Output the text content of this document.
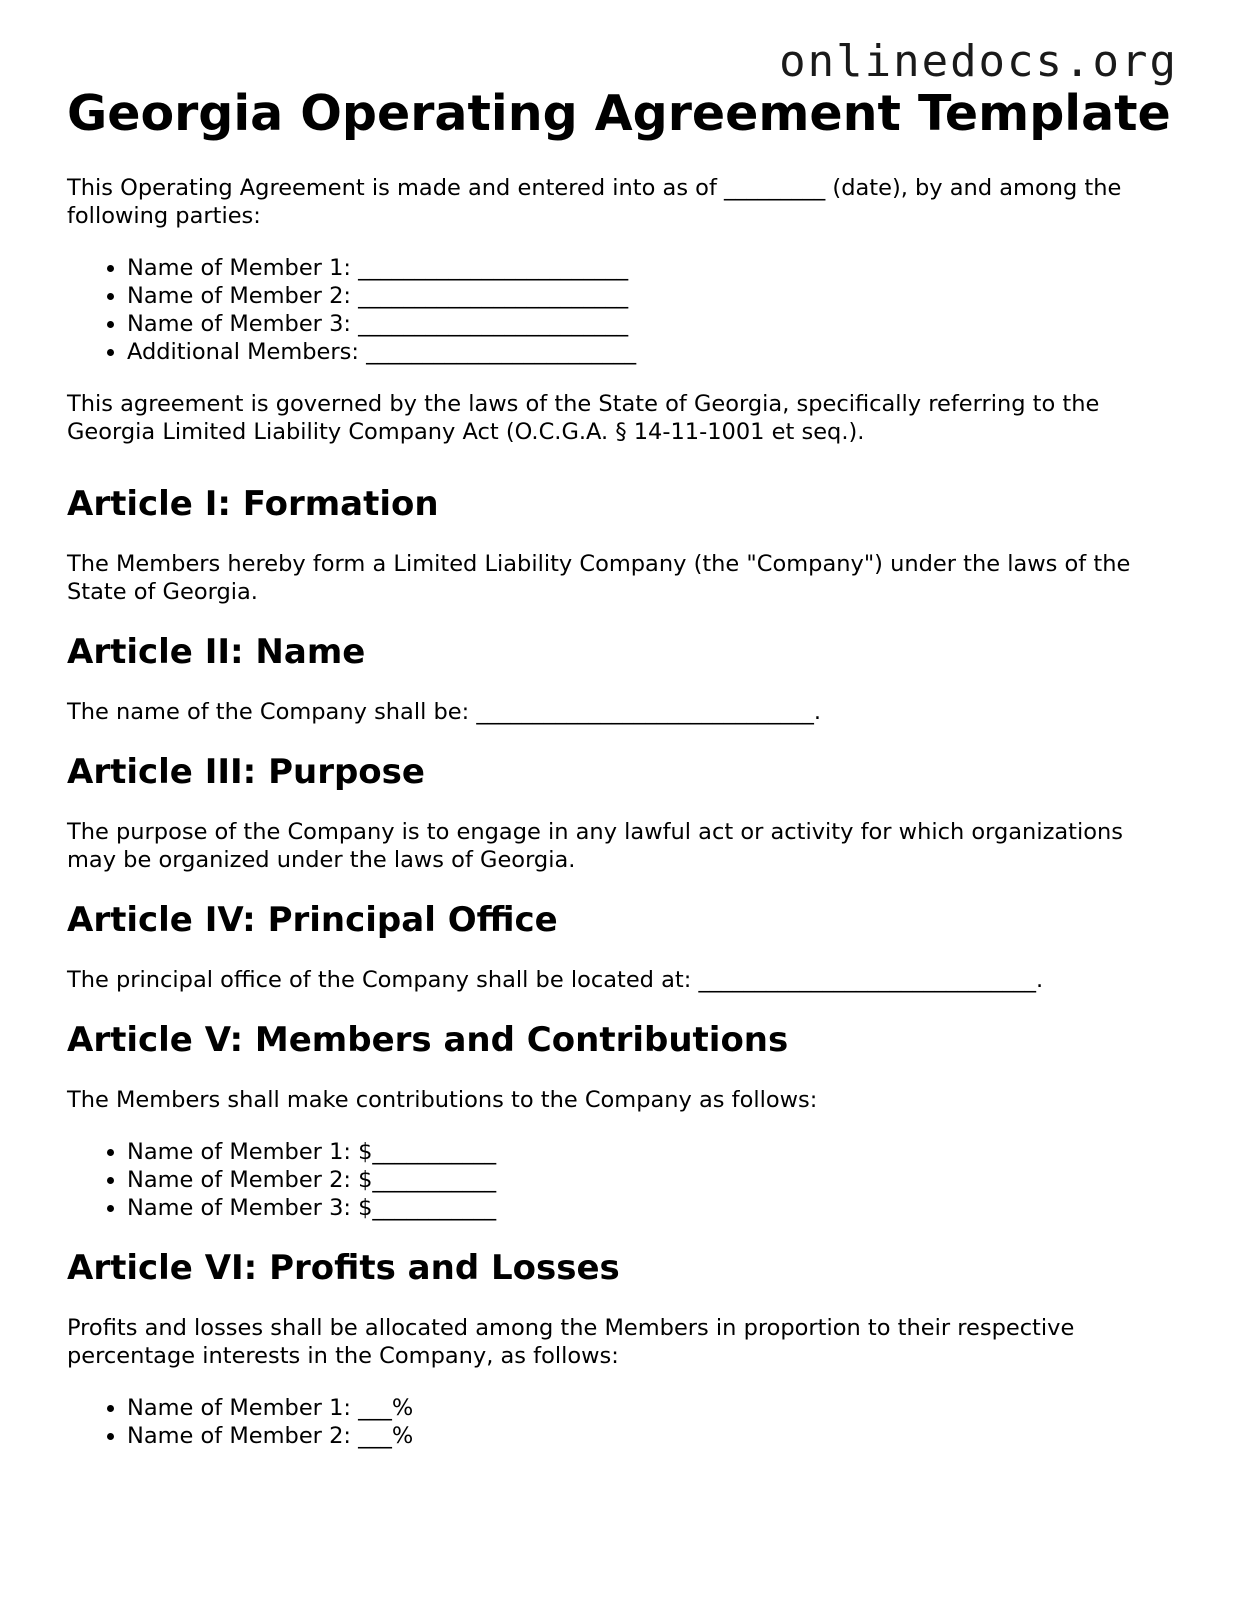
onlinedocs.org
Georgia Operating Agreement Template

This Operating Agreement is made and entered into as of _________ (date), by and among the following parties:

• Name of Member 1: ________________________
• Name of Member 2: ________________________
• Name of Member 3: ________________________
• Additional Members: ________________________

This agreement is governed by the laws of the State of Georgia, specifically referring to the Georgia Limited Liability Company Act (O.C.G.A. § 14-11-1001 et seq.).

Article I: Formation

The Members hereby form a Limited Liability Company (the "Company") under the laws of the State of Georgia.

Article II: Name

The name of the Company shall be: ______________________________.

Article III: Purpose

The purpose of the Company is to engage in any lawful act or activity for which organizations may be organized under the laws of Georgia.

Article IV: Principal Office

The principal office of the Company shall be located at: ______________________________.

Article V: Members and Contributions

The Members shall make contributions to the Company as follows:

• Name of Member 1: $___________
• Name of Member 2: $___________
• Name of Member 3: $___________
Article VI: Profits and Losses

Profits and losses shall be allocated among the Members in proportion to their respective percentage interests in the Company, as follows:

• Name of Member 1: ___%
• Name of Member 2: ___%
